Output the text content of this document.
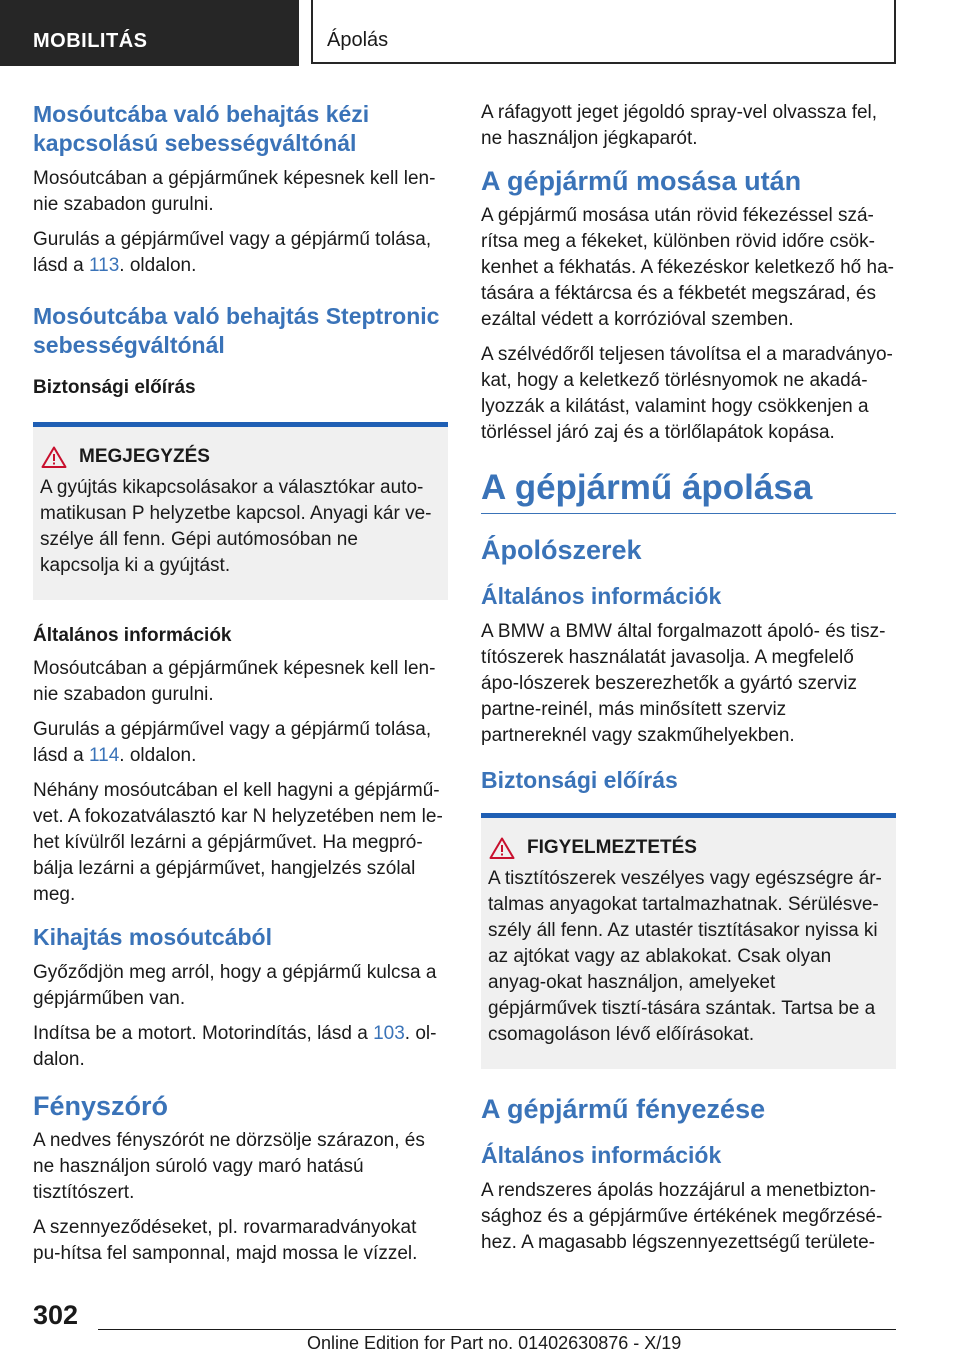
MOBILITÁS	Ápolás
Mosóutcába való behajtás kézi kapcsolású sebességváltónál

Mosóutcában a gépjárműnek képesnek kell len-nie szabadon gurulni.

Gurulás a gépjárművel vagy a gépjármű tolása, lásd a 113. oldalon.

Mosóutcába való behajtás Steptronic sebességváltónál
Biztonsági előírás
MEGJEGYZÉS

A gyújtás kikapcsolásakor a választókar auto-matikusan P helyzetbe kapcsol. Anyagi kár ve-szélye áll fenn. Gépi autómosóban ne kapcsolja ki a gyújtást.

Általános információk

Mosóutcában a gépjárműnek képesnek kell len-nie szabadon gurulni.

Gurulás a gépjárművel vagy a gépjármű tolása, lásd a 114. oldalon.

Néhány mosóutcában el kell hagyni a gépjármű-vet. A fokozatválasztó kar N helyzetében nem le-het kívülről lezárni a gépjárművet. Ha megpró-bálja lezárni a gépjárművet, hangjelzés szólal meg.

Kihajtás mosóutcából

Győződjön meg arról, hogy a gépjármű kulcsa a gépjárműben van.

Indítsa be a motort. Motorindítás, lásd a 103. ol-dalon.

Fényszóró

A nedves fényszórót ne dörzsölje szárazon, és ne használjon súroló vagy maró hatású tisztítószert.

A szennyeződéseket, pl. rovarmaradványokat pu-hítsa fel samponnal, majd mossa le vízzel.

A ráfagyott jeget jégoldó spray-vel olvassza fel, ne használjon jégkaparót.

A gépjármű mosása után

A gépjármű mosása után rövid fékezéssel szá-rítsa meg a fékeket, különben rövid időre csök-kenhet a fékhatás. A fékezéskor keletkező hő ha-tására a féktárcsa és a fékbetét megszárad, és ezáltal védett a korrózióval szemben.

A szélvédőről teljesen távolítsa el a maradványo-kat, hogy a keletkező törlésnyomok ne akadá-lyozzák a kilátást, valamint hogy csökkenjen a törléssel járó zaj és a törlőlapátok kopása.

A gépjármű ápolása
Ápolószerek
Általános információk

A BMW a BMW által forgalmazott ápoló- és tisz-títószerek használatát javasolja. A megfelelő ápo-lószerek beszerezhetők a gyártó szerviz partne-reinél, más minősített szerviz partnereknél vagy szakműhelyekben.

Biztonsági előírás
FIGYELMEZTETÉS

A tisztítószerek veszélyes vagy egészségre ár-talmas anyagokat tartalmazhatnak. Sérülésve-szély áll fenn. Az utastér tisztításakor nyissa ki az ajtókat vagy az ablakokat. Csak olyan anyag-okat használjon, amelyeket gépjárművek tisztí-tására szántak. Tartsa be a csomagoláson lévő előírásokat.

A gépjármű fényezése
Általános információk

A rendszeres ápolás hozzájárul a menetbizton-sághoz és a gépjárműve értékének megőrzésé-hez. A magasabb légszennyezettségű területe-

302
Online Edition for Part no. 01402630876 - X/19
